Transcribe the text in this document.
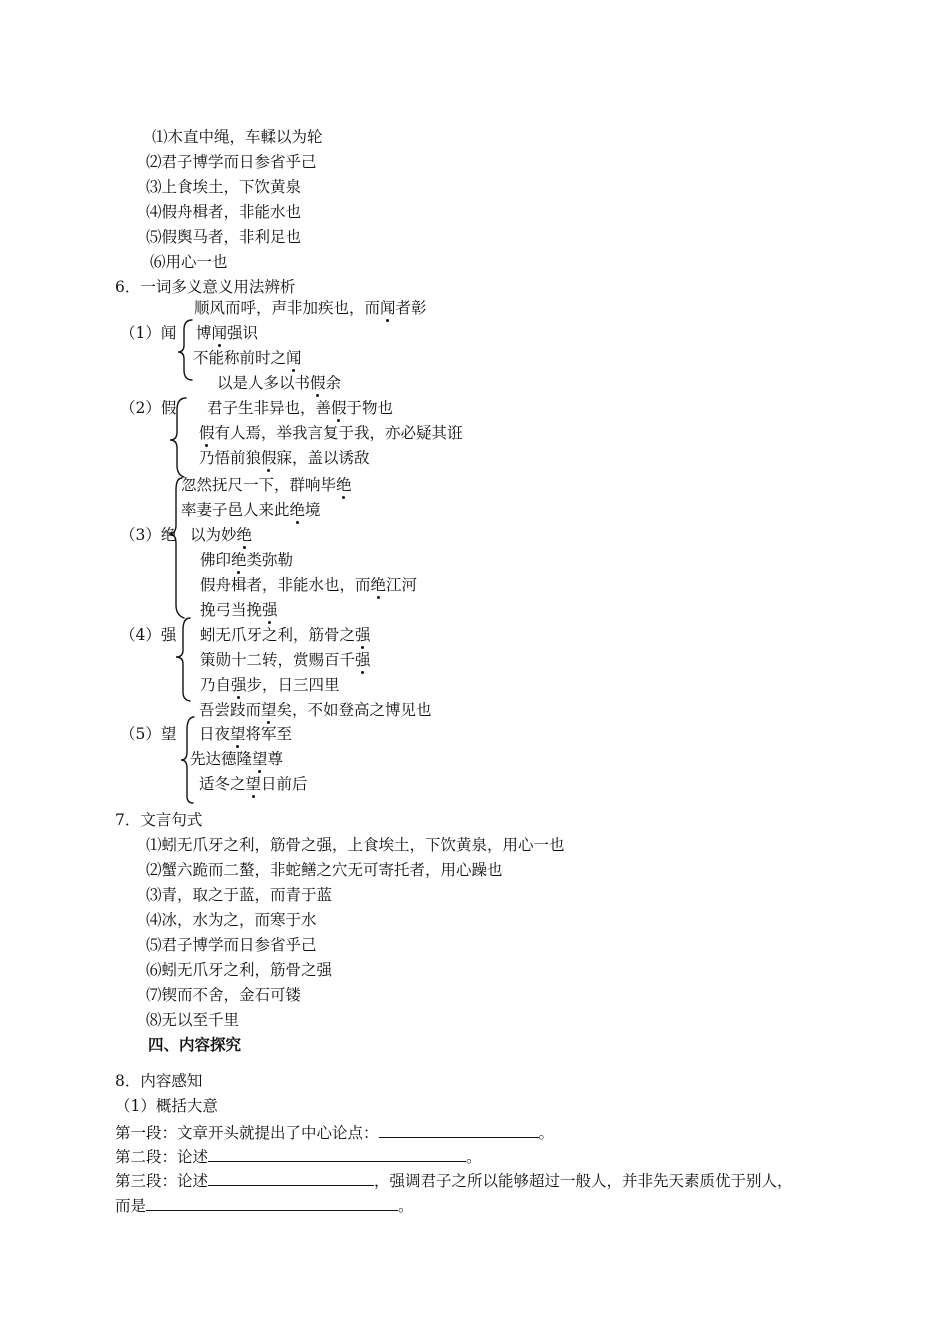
⑴木直中绳，车輮以为轮
⑵君子博学而日参省乎己
⑶上食埃土，下饮黄泉
⑷假舟楫者，非能水也
⑸假舆马者，非利足也
⑹用心一也
6．一词多义意义用法辨析
（1）闻
顺风而呼，声非加疾也，而闻者彰
博闻强识
不能称前时之闻
以是人多以书假余
（2）假 君子生非异也，善假于物也
假有人焉，举我言复于我，亦必疑其诳
乃悟前狼假寐，盖以诱敌
忽然抚尺一下，群响毕绝
率妻子邑人来此绝境
（3）绝 以为妙绝
佛印绝类弥勒
假舟楫者，非能水也，而绝江河
挽弓当挽强
（4）强 蚓无爪牙之利，筋骨之强
策勋十二转，赏赐百千强
乃自强步，日三四里
吾尝跂而望矣，不如登高之博见也
（5）望 日夜望将军至
先达德隆望尊
适冬之望日前后
7．文言句式
⑴蚓无爪牙之利，筋骨之强，上食埃土，下饮黄泉，用心一也
⑵蟹六跪而二螯，非蛇鳝之穴无可寄托者，用心躁也
⑶青，取之于蓝，而青于蓝
⑷冰，水为之，而寒于水
⑸君子博学而日参省乎己
⑹蚓无爪牙之利，筋骨之强
⑺锲而不舍，金石可镂
⑻无以至千里
四、内容探究
8．内容感知
（1）概括大意
第一段：文章开头就提出了中心论点：	。
第二段：论述	。
第三段：论述	，强调君子之所以能够超过一般人，并非先天素质优于别人，
而是	。
